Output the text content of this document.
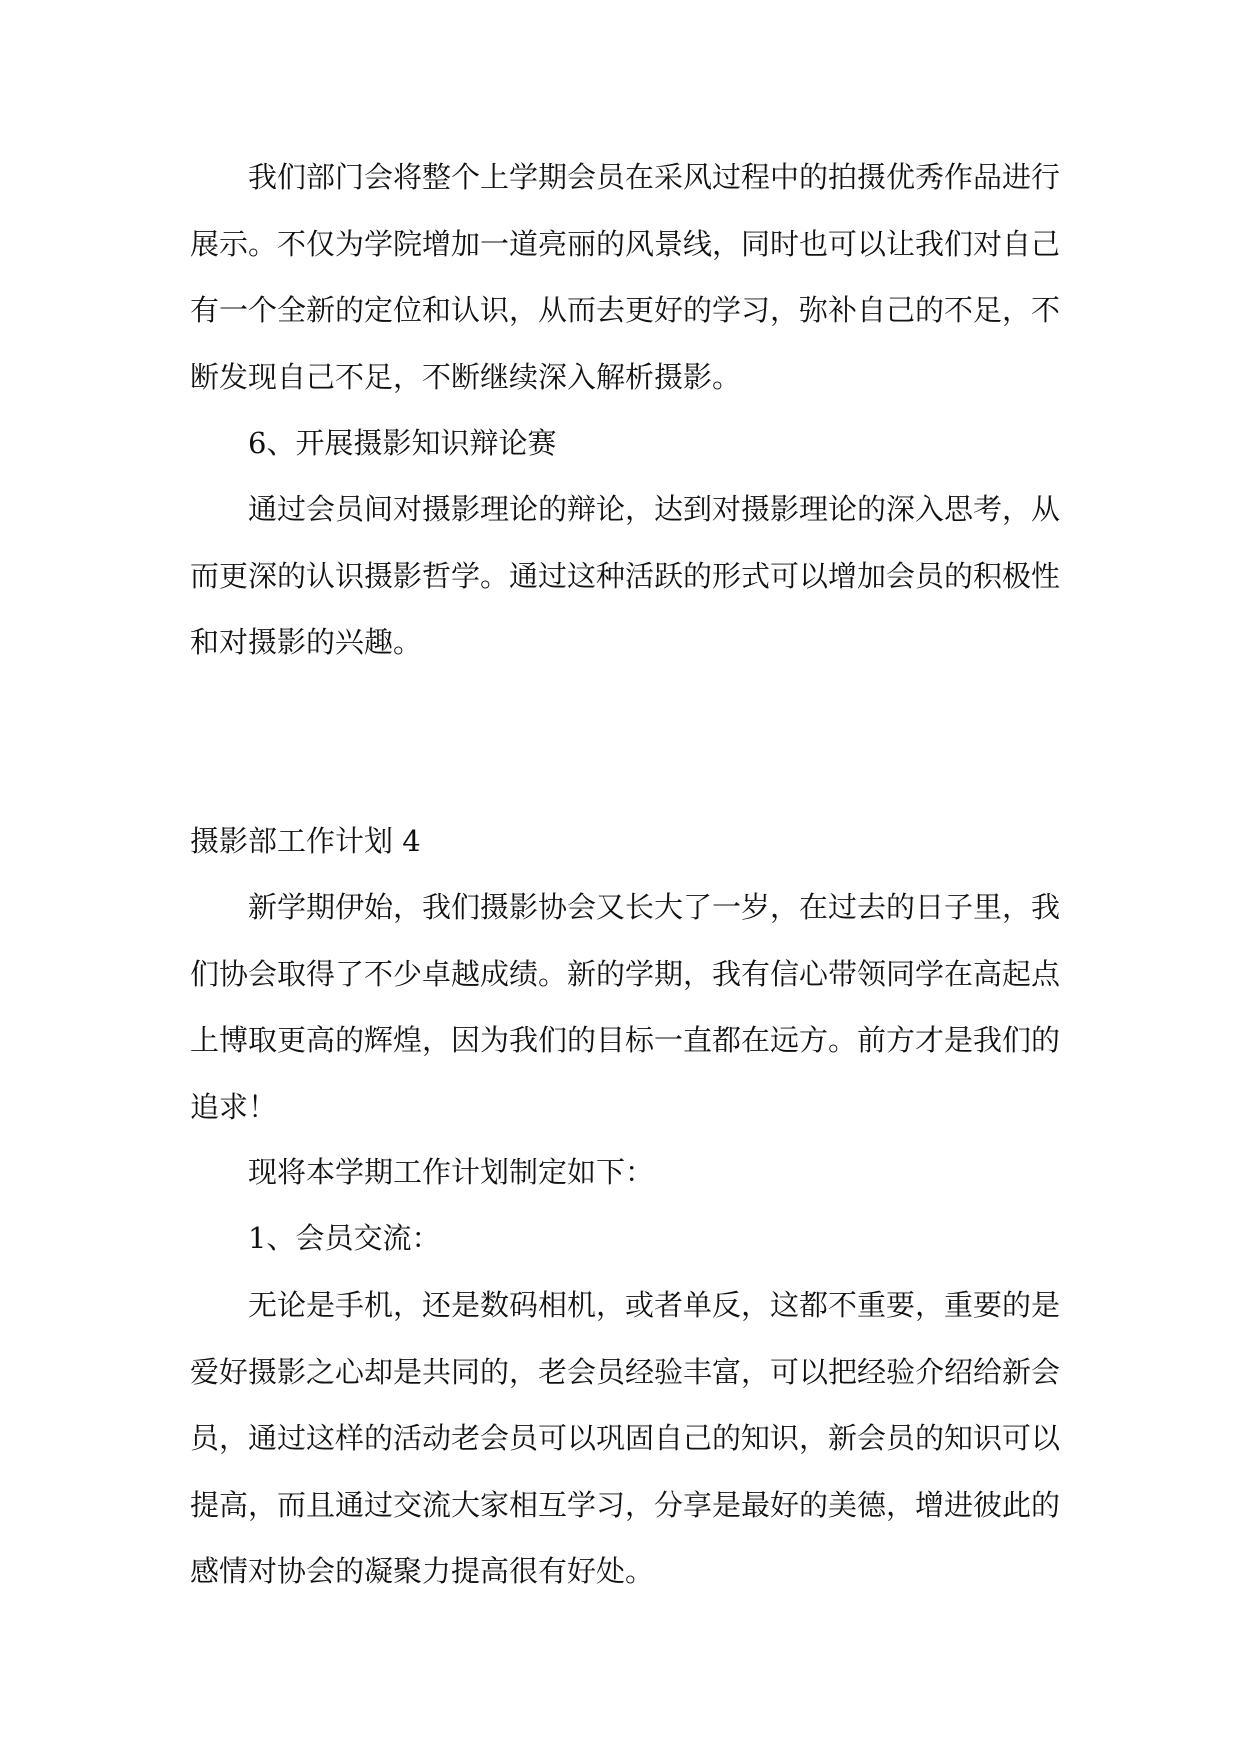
我们部门会将整个上学期会员在采风过程中的拍摄优秀作品进行展示。不仅为学院增加一道亮丽的风景线，同时也可以让我们对自己有一个全新的定位和认识，从而去更好的学习，弥补自己的不足，不断发现自己不足，不断继续深入解析摄影。

6、开展摄影知识辩论赛

通过会员间对摄影理论的辩论，达到对摄影理论的深入思考，从而更深的认识摄影哲学。通过这种活跃的形式可以增加会员的积极性和对摄影的兴趣。

摄影部工作计划 4

新学期伊始，我们摄影协会又长大了一岁，在过去的日子里，我们协会取得了不少卓越成绩。新的学期，我有信心带领同学在高起点上博取更高的辉煌，因为我们的目标一直都在远方。前方才是我们的追求！

现将本学期工作计划制定如下：

1、会员交流：

无论是手机，还是数码相机，或者单反，这都不重要，重要的是爱好摄影之心却是共同的，老会员经验丰富，可以把经验介绍给新会员，通过这样的活动老会员可以巩固自己的知识，新会员的知识可以提高，而且通过交流大家相互学习，分享是最好的美德，增进彼此的感情对协会的凝聚力提高很有好处。
